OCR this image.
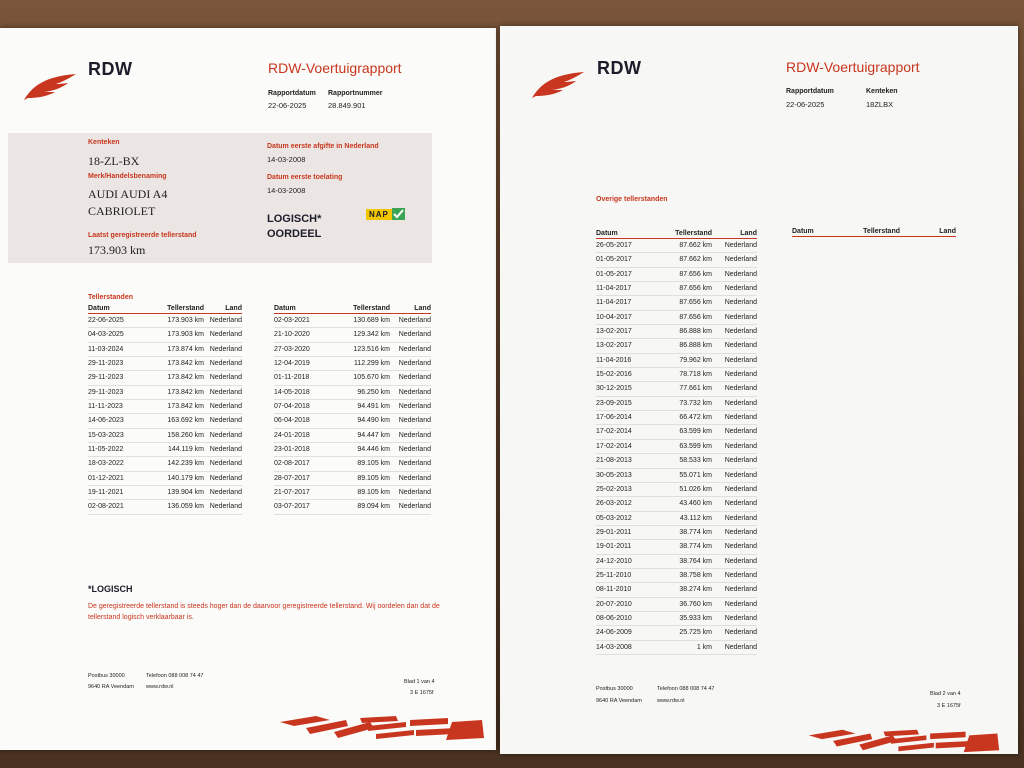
RDW	RDW-Voertuigrapport
Rapportdatum
22-06-2025
Rapportnummer
28.849.901
Kenteken
18-ZL-BX
Merk/Handelsbenaming
AUDI AUDI A4
CABRIOLET
Laatst geregistreerde tellerstand
173.903 km
Datum eerste afgifte in Nederland
14-03-2008
Datum eerste toelating
14-03-2008
LOGISCH*
OORDEEL
NAP
Tellerstanden
Datum	Tellerstand	Land
22-06-2025	173.903 km Nederland
04-03-2025	173.903 km Nederland
11-03-2024	173.874 km Nederland
29-11-2023	173.842 km Nederland
29-11-2023	173.842 km Nederland
29-11-2023	173.842 km Nederland
11-11-2023	173.842 km Nederland
14-06-2023	163.692 km Nederland
15-03-2023	158.260 km Nederland
11-05-2022	144.119 km Nederland
18-03-2022	142.239 km Nederland
01-12-2021	140.179 km Nederland
19-11-2021	139.904 km Nederland
02-08-2021	136.059 km Nederland
Datum	Tellerstand	Land
02-03-2021	130.689 km	Nederland
21-10-2020	129.342 km	Nederland
27-03-2020	123.516 km	Nederland
12-04-2019	112.299 km	Nederland
01-11-2018	105.670 km	Nederland
14-05-2018	96.250 km	Nederland
07-04-2018	94.491 km	Nederland
06-04-2018	94.490 km	Nederland
24-01-2018	94.447 km	Nederland
23-01-2018	94.446 km	Nederland
02-08-2017	89.105 km	Nederland
28-07-2017	89.105 km	Nederland
21-07-2017	89.105 km	Nederland
03-07-2017	89.094 km	Nederland
*LOGISCH
De geregistreerde tellerstand is steeds hoger dan de daarvoor geregistreerde tellerstand. Wij oordelen dan dat de tellerstand logisch verklaarbaar is.
Postbus 30000
9640 RA Veendam
Telefoon 088 008 74 47
www.rdw.nl
Blad 1 van 4
3 E 1675f
RDW	RDW-Voertuigrapport
Rapportdatum
22-06-2025
Kenteken
18ZLBX
Overige tellerstanden
Datum	Tellerstand	Land
26-05-2017	87.662 km	Nederland
01-05-2017	87.662 km	Nederland
01-05-2017	87.656 km	Nederland
11-04-2017	87.656 km	Nederland
11-04-2017	87.656 km	Nederland
10-04-2017	87.656 km	Nederland
13-02-2017	86.888 km	Nederland
13-02-2017	86.888 km	Nederland
11-04-2016	79.962 km	Nederland
15-02-2016	78.718 km	Nederland
30-12-2015	77.661 km	Nederland
23-09-2015	73.732 km	Nederland
17-06-2014	66.472 km	Nederland
17-02-2014	63.599 km	Nederland
17-02-2014	63.599 km	Nederland
21-08-2013	58.533 km	Nederland
30-05-2013	55.071 km	Nederland
25-02-2013	51.026 km	Nederland
26-03-2012	43.460 km	Nederland
05-03-2012	43.112 km	Nederland
29-01-2011	38.774 km	Nederland
19-01-2011	38.774 km	Nederland
24-12-2010	38.764 km	Nederland
25-11-2010	38.758 km	Nederland
08-11-2010	38.274 km	Nederland
20-07-2010	36.760 km	Nederland
08-06-2010	35.933 km	Nederland
24-06-2009	25.725 km	Nederland
14-03-2008	1 km	Nederland
Datum	Tellerstand	Land
Postbus 30000
9640 RA Veendam
Telefoon 088 008 74 47
www.rdw.nl
Blad 2 van 4
3 E 1675f
